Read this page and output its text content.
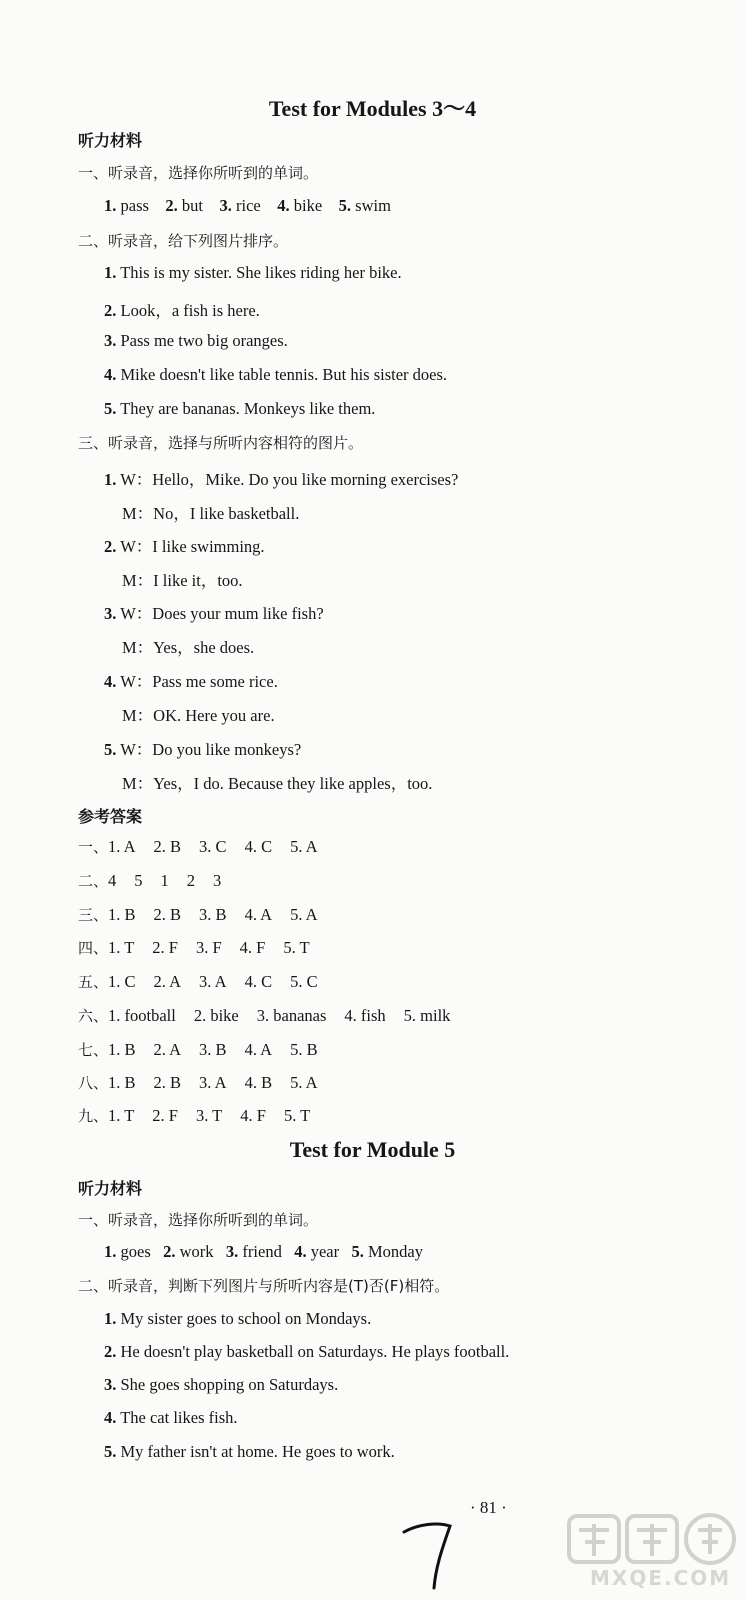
Test for Modules 3～4
听力材料
一、听录音，选择你所听到的单词。
1. pass 2. but 3. rice 4. bike 5. swim
二、听录音，给下列图片排序。
1. This is my sister. She likes riding her bike.
2. Look，a fish is here.
3. Pass me two big oranges.
4. Mike doesn't like table tennis. But his sister does.
5. They are bananas. Monkeys like them.
三、听录音，选择与所听内容相符的图片。
1. W：Hello，Mike. Do you like morning exercises?
M：No，I like basketball.
2. W：I like swimming.
M：I like it，too.
3. W：Does your mum like fish?
M：Yes，she does.
4. W：Pass me some rice.
M：OK. Here you are.
5. W：Do you like monkeys?
M：Yes，I do. Because they like apples，too.
参考答案
一、1. A 2. B 3. C 4. C 5. A
二、4 5 1 2 3
三、1. B 2. B 3. B 4. A 5. A
四、1. T 2. F 3. F 4. F 5. T
五、1. C 2. A 3. A 4. C 5. C
六、1. football 2. bike 3. bananas 4. fish 5. milk
七、1. B 2. A 3. B 4. A 5. B
八、1. B 2. B 3. A 4. B 5. A
九、1. T 2. F 3. T 4. F 5. T
Test for Module 5
听力材料
一、听录音，选择你所听到的单词。
1. goes 2. work 3. friend 4. year 5. Monday
二、听录音，判断下列图片与所听内容是(T)否(F)相符。
1. My sister goes to school on Mondays.
2. He doesn't play basketball on Saturdays. He plays football.
3. She goes shopping on Saturdays.
4. The cat likes fish.
5. My father isn't at home. He goes to work.
· 81 ·
MXQE.COM
